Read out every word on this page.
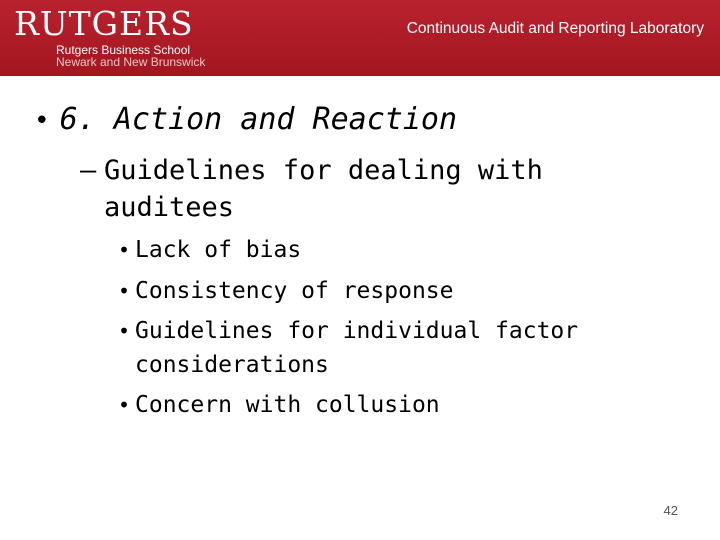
RUTGERS
Rutgers Business School
Newark and New Brunswick
Continuous Audit and Reporting Laboratory
• 6. Action and Reaction
– Guidelines for dealing with auditees
• Lack of bias
• Consistency of response
• Guidelines for individual factor considerations
• Concern with collusion
42
